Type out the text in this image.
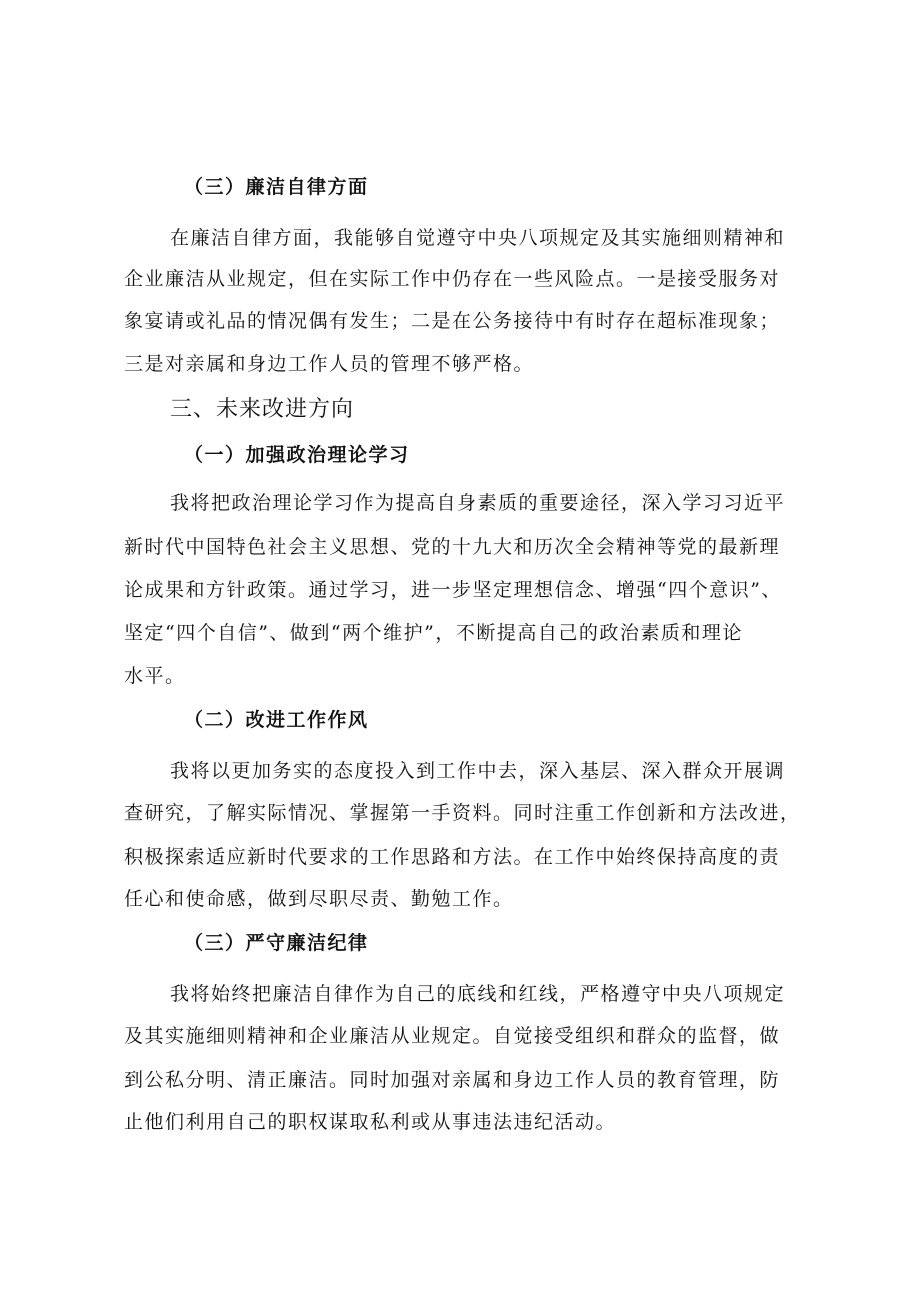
（三）廉洁自律方面
在廉洁自律方面，我能够自觉遵守中央八项规定及其实施细则精神和
企业廉洁从业规定，但在实际工作中仍存在一些风险点。一是接受服务对
象宴请或礼品的情况偶有发生；二是在公务接待中有时存在超标准现象；
三是对亲属和身边工作人员的管理不够严格。
三、未来改进方向
（一）加强政治理论学习
我将把政治理论学习作为提高自身素质的重要途径，深入学习习近平
新时代中国特色社会主义思想、党的十九大和历次全会精神等党的最新理
论成果和方针政策。通过学习，进一步坚定理想信念、增强“四个意识”、
坚定“四个自信”、做到“两个维护”，不断提高自己的政治素质和理论
水平。
（二）改进工作作风
我将以更加务实的态度投入到工作中去，深入基层、深入群众开展调
查研究，了解实际情况、掌握第一手资料。同时注重工作创新和方法改进，
积极探索适应新时代要求的工作思路和方法。在工作中始终保持高度的责
任心和使命感，做到尽职尽责、勤勉工作。
（三）严守廉洁纪律
我将始终把廉洁自律作为自己的底线和红线，严格遵守中央八项规定
及其实施细则精神和企业廉洁从业规定。自觉接受组织和群众的监督，做
到公私分明、清正廉洁。同时加强对亲属和身边工作人员的教育管理，防
止他们利用自己的职权谋取私利或从事违法违纪活动。
